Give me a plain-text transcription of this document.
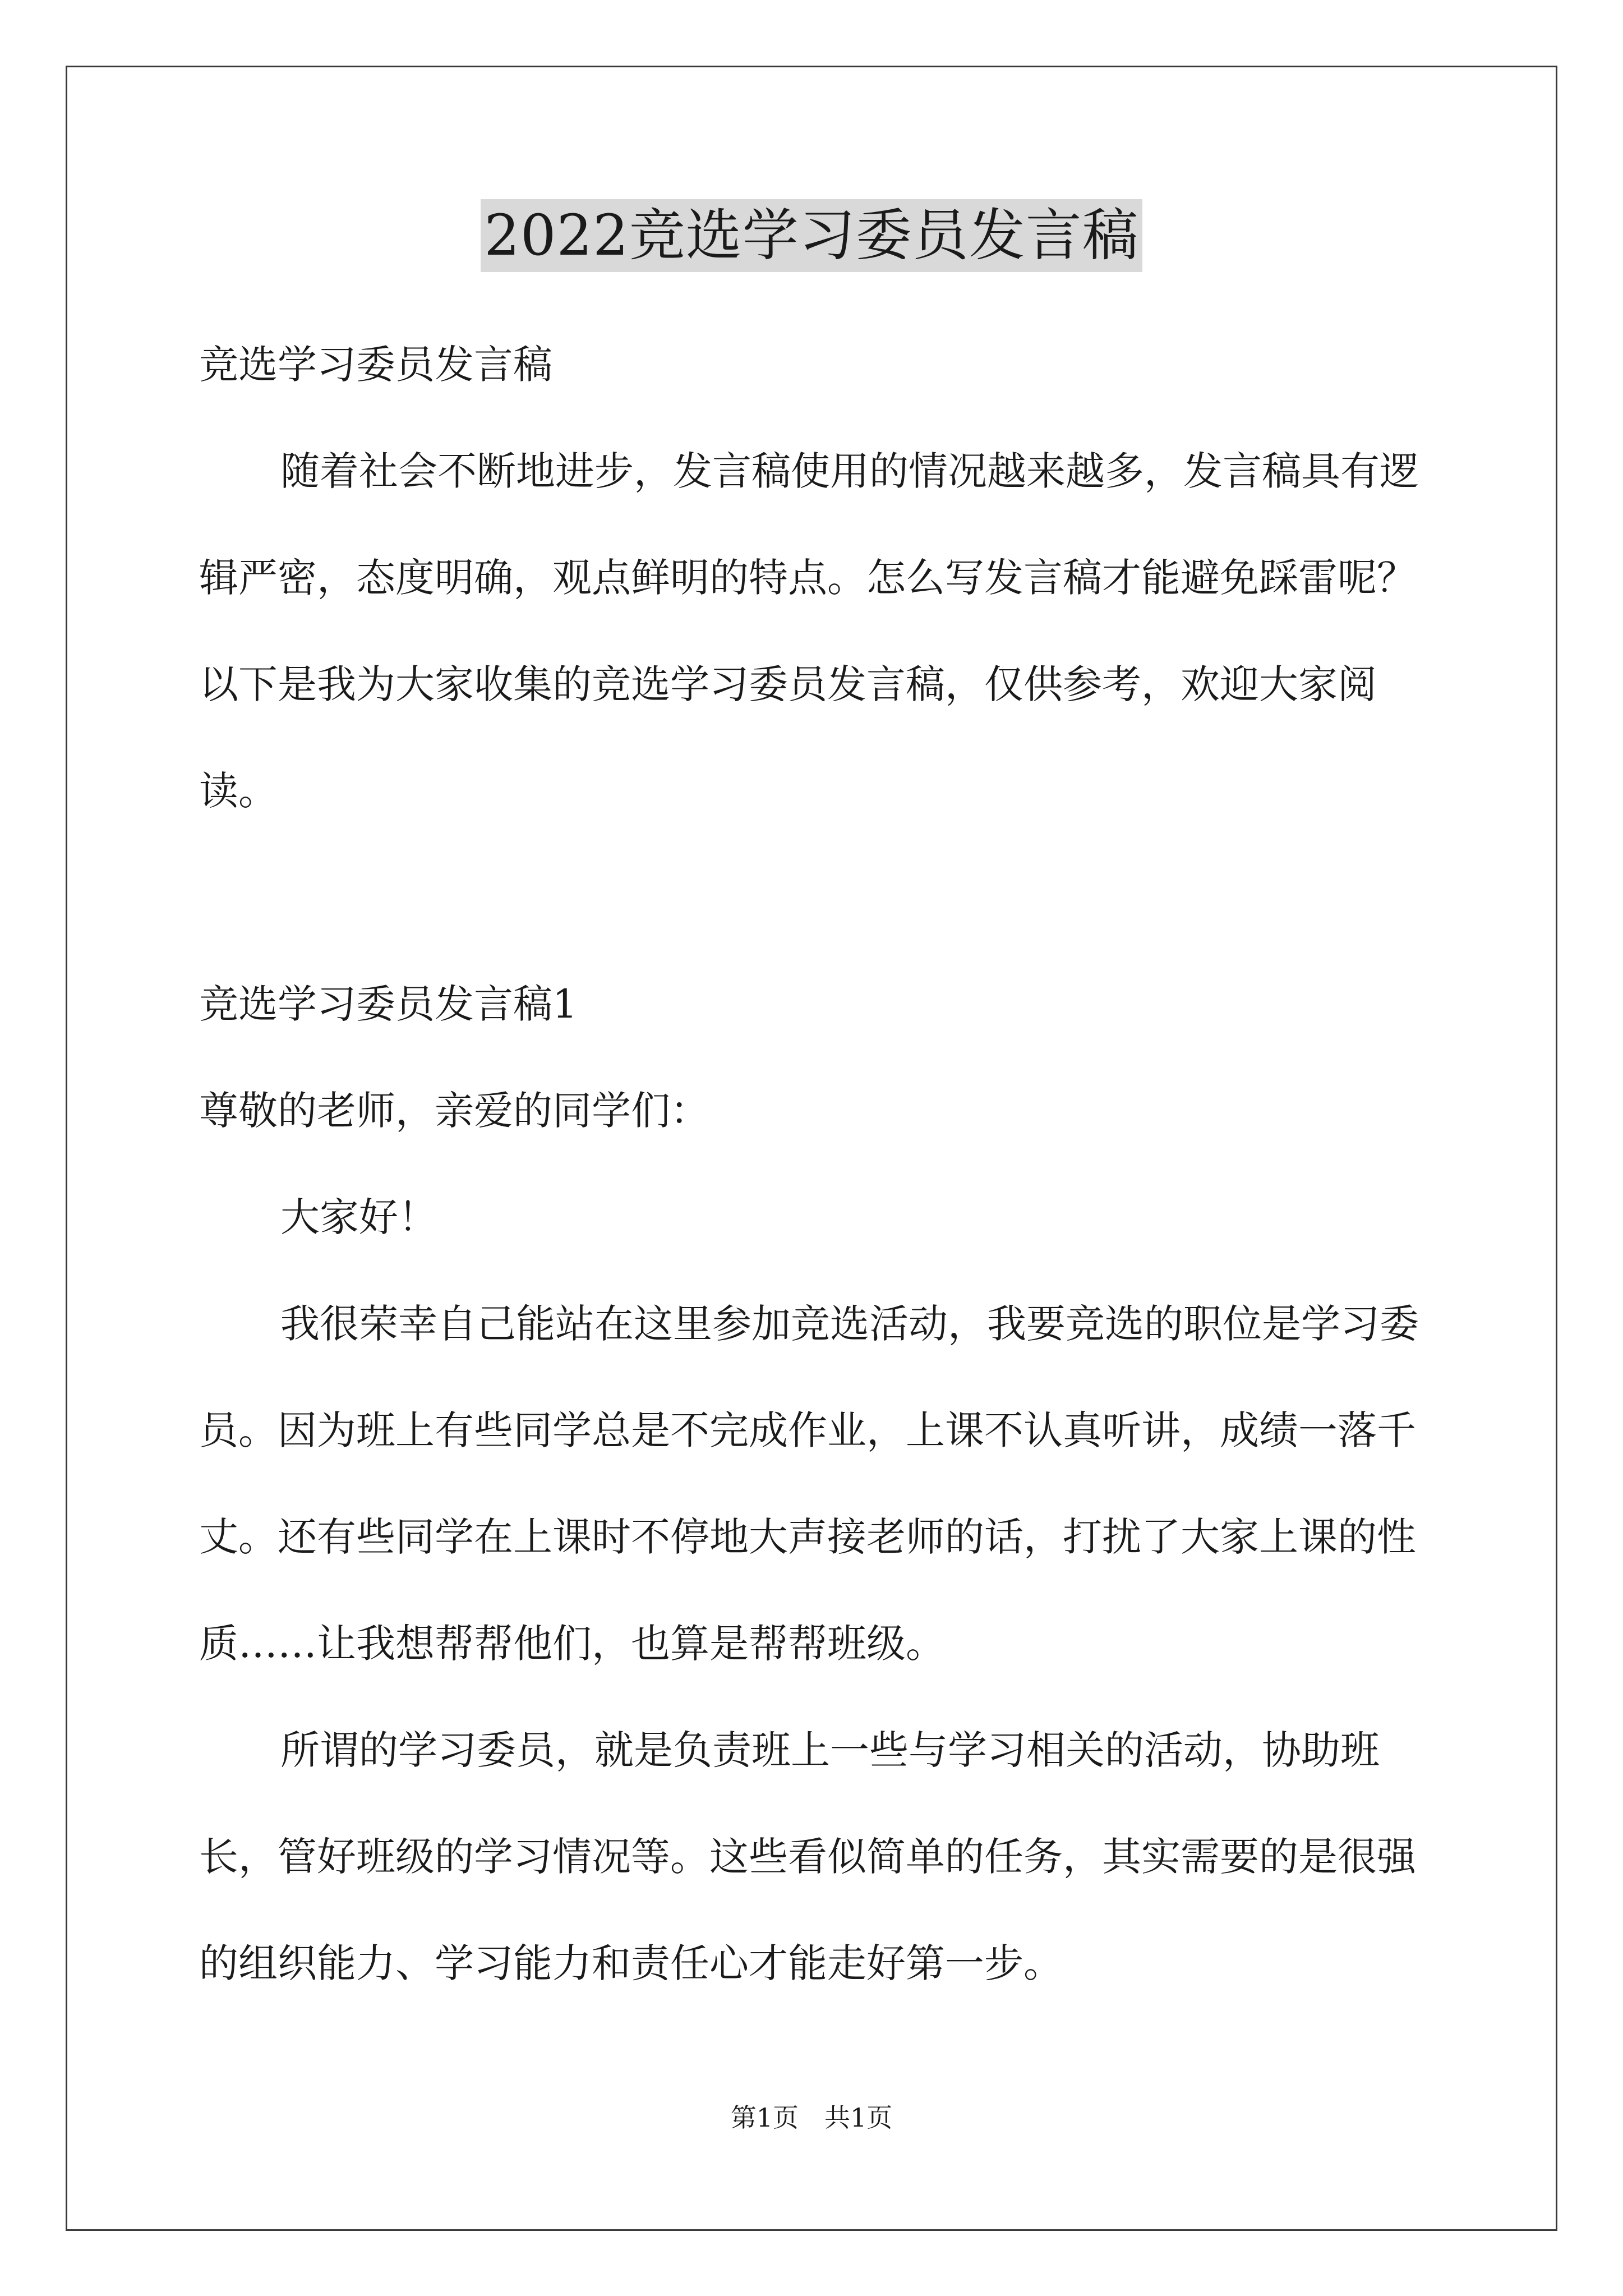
2022竞选学习委员发言稿

竞选学习委员发言稿

随着社会不断地进步，发言稿使用的情况越来越多，发言稿具有逻辑严密，态度明确，观点鲜明的特点。怎么写发言稿才能避免踩雷呢？以下是我为大家收集的竞选学习委员发言稿，仅供参考，欢迎大家阅读。

竞选学习委员发言稿1

尊敬的老师，亲爱的同学们：

大家好！

我很荣幸自己能站在这里参加竞选活动，我要竞选的职位是学习委员。因为班上有些同学总是不完成作业，上课不认真听讲，成绩一落千丈。还有些同学在上课时不停地大声接老师的话，打扰了大家上课的性质……让我想帮帮他们，也算是帮帮班级。

所谓的学习委员，就是负责班上一些与学习相关的活动，协助班长，管好班级的学习情况等。这些看似简单的任务，其实需要的是很强的组织能力、学习能力和责任心才能走好第一步。

第1页　共1页
